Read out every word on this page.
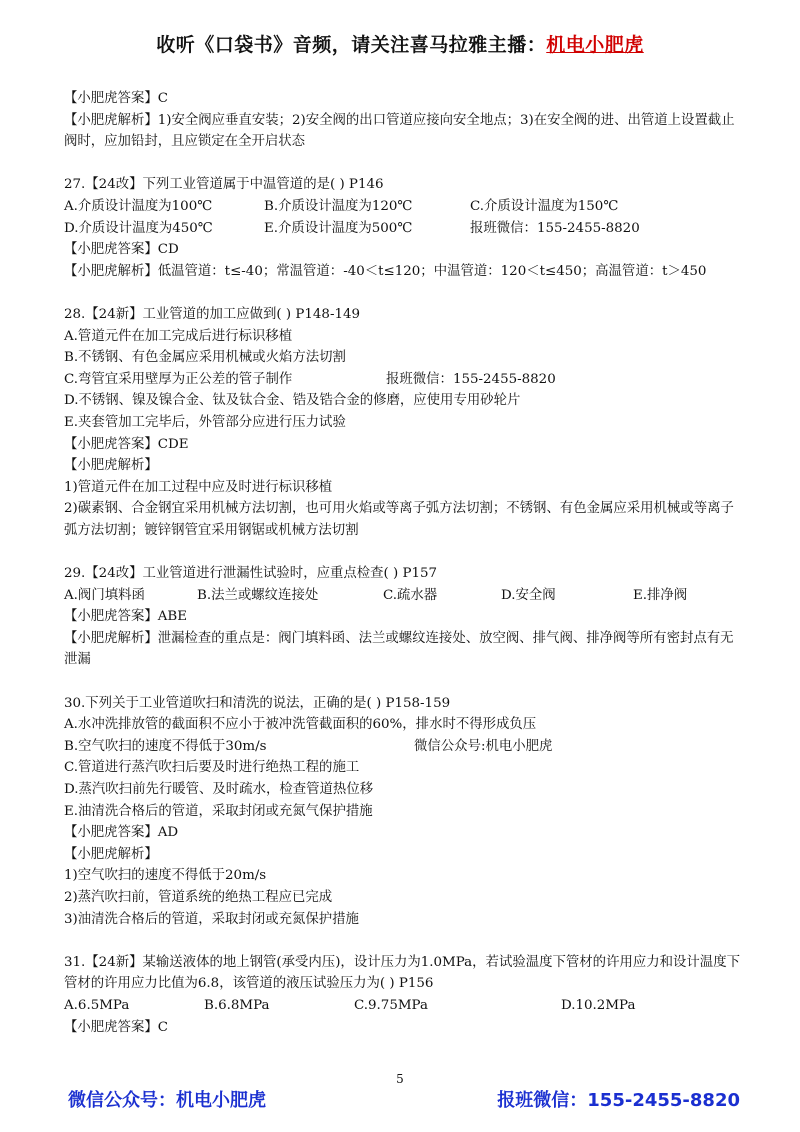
收听《口袋书》音频，请关注喜马拉雅主播：机电小肥虎
【小肥虎答案】C
【小肥虎解析】1)安全阀应垂直安装；2)安全阀的出口管道应接向安全地点；3)在安全阀的进、出管道上设置截止阀时，应加铅封，且应锁定在全开启状态
27.【24改】下列工业管道属于中温管道的是( ) P146
A.介质设计温度为100℃	B.介质设计温度为120℃	C.介质设计温度为150℃
D.介质设计温度为450℃	E.介质设计温度为500℃	报班微信：155-2455-8820
【小肥虎答案】CD
【小肥虎解析】低温管道：t≤-40；常温管道：-40＜t≤120；中温管道：120＜t≤450；高温管道：t＞450
28.【24新】工业管道的加工应做到( ) P148-149
A.管道元件在加工完成后进行标识移植
B.不锈钢、有色金属应采用机械或火焰方法切割
C.弯管宜采用壁厚为正公差的管子制作	报班微信：155-2455-8820
D.不锈钢、镍及镍合金、钛及钛合金、锆及锆合金的修磨，应使用专用砂轮片
E.夹套管加工完毕后，外管部分应进行压力试验
【小肥虎答案】CDE
【小肥虎解析】
1)管道元件在加工过程中应及时进行标识移植
2)碳素钢、合金钢宜采用机械方法切割，也可用火焰或等离子弧方法切割；不锈钢、有色金属应采用机械或等离子弧方法切割；镀锌钢管宜采用钢锯或机械方法切割
29.【24改】工业管道进行泄漏性试验时，应重点检查( ) P157
A.阀门填料函	B.法兰或螺纹连接处	C.疏水器	D.安全阀	E.排净阀
【小肥虎答案】ABE
【小肥虎解析】泄漏检查的重点是：阀门填料函、法兰或螺纹连接处、放空阀、排气阀、排净阀等所有密封点有无泄漏
30.下列关于工业管道吹扫和清洗的说法，正确的是( ) P158-159
A.水冲洗排放管的截面积不应小于被冲洗管截面积的60%，排水时不得形成负压
B.空气吹扫的速度不得低于30m/s	微信公众号:机电小肥虎
C.管道进行蒸汽吹扫后要及时进行绝热工程的施工
D.蒸汽吹扫前先行暖管、及时疏水，检查管道热位移
E.油清洗合格后的管道，采取封闭或充氮气保护措施
【小肥虎答案】AD
【小肥虎解析】
1)空气吹扫的速度不得低于20m/s
2)蒸汽吹扫前，管道系统的绝热工程应已完成
3)油清洗合格后的管道，采取封闭或充氮保护措施
31.【24新】某输送液体的地上钢管(承受内压)，设计压力为1.0MPa，若试验温度下管材的许用应力和设计温度下管材的许用应力比值为6.8，该管道的液压试验压力为( ) P156
A.6.5MPa	B.6.8MPa	C.9.75MPa	D.10.2MPa
【小肥虎答案】C
5
微信公众号：机电小肥虎	报班微信：155-2455-8820
